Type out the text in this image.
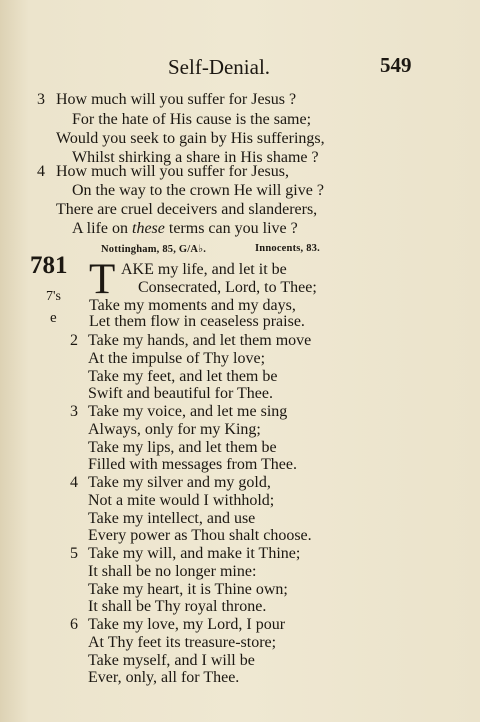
Self-Denial.	549
3 How much will you suffer for Jesus ?
For the hate of His cause is the same;
Would you seek to gain by His sufferings,
Whilst shirking a share in His shame ?
4 How much will you suffer for Jesus,
On the way to the crown He will give ?
There are cruel deceivers and slanderers,
A life on these terms can you live ?
Nottingham, 85, G/A♭.	Innocents, 83.
781
7's
e
T AKE my life, and let it be
Consecrated, Lord, to Thee;
Take my moments and my days,
Let them flow in ceaseless praise.
2 Take my hands, and let them move
At the impulse of Thy love;
Take my feet, and let them be
Swift and beautiful for Thee.
3 Take my voice, and let me sing
Always, only for my King;
Take my lips, and let them be
Filled with messages from Thee.
4 Take my silver and my gold,
Not a mite would I withhold;
Take my intellect, and use
Every power as Thou shalt choose.
5 Take my will, and make it Thine;
It shall be no longer mine:
Take my heart, it is Thine own;
It shall be Thy royal throne.
6 Take my love, my Lord, I pour
At Thy feet its treasure-store;
Take myself, and I will be
Ever, only, all for Thee.
